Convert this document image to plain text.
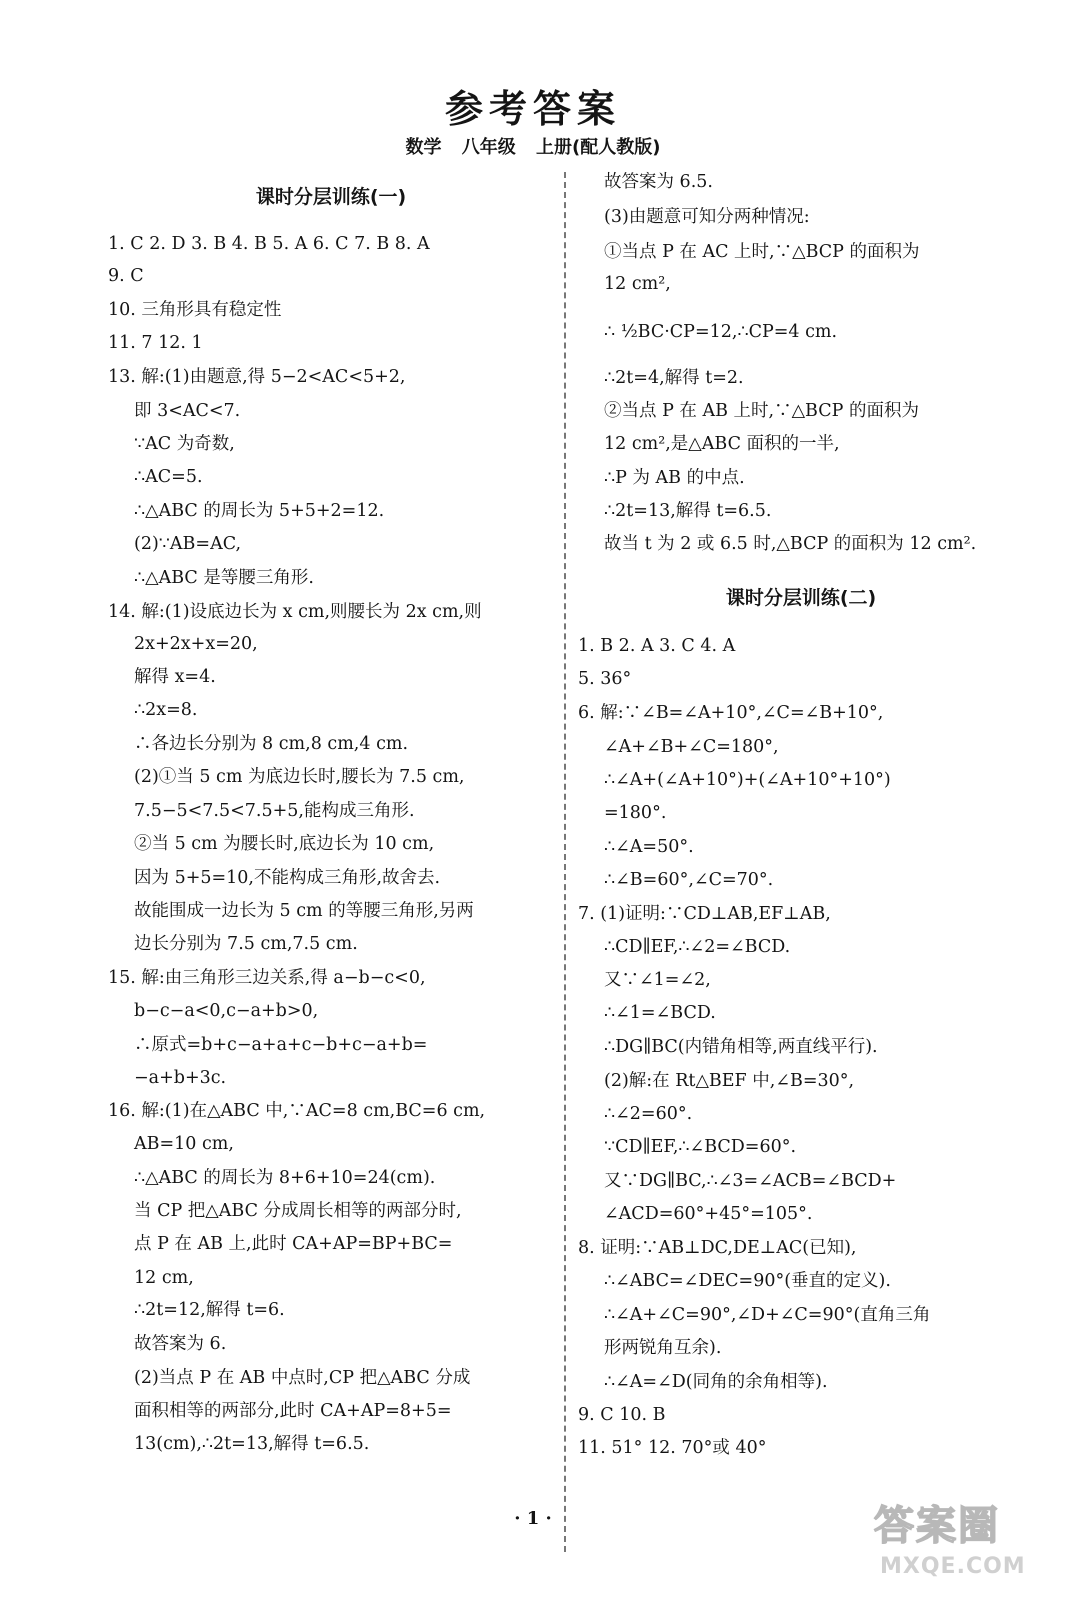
参考答案
数学 八年级 上册(配人教版)
课时分层训练(一)
1. C 2. D 3. B 4. B 5. A 6. C 7. B 8. A
9. C
10. 三角形具有稳定性
11. 7 12. 1
13. 解:(1)由题意,得 5−2<AC<5+2,
即 3<AC<7.
∵AC 为奇数,
∴AC=5.
∴△ABC 的周长为 5+5+2=12.
(2)∵AB=AC,
∴△ABC 是等腰三角形.
14. 解:(1)设底边长为 x cm,则腰长为 2x cm,则
2x+2x+x=20,
解得 x=4.
∴2x=8.
∴各边长分别为 8 cm,8 cm,4 cm.
(2)①当 5 cm 为底边长时,腰长为 7.5 cm,
7.5−5<7.5<7.5+5,能构成三角形.
②当 5 cm 为腰长时,底边长为 10 cm,
因为 5+5=10,不能构成三角形,故舍去.
故能围成一边长为 5 cm 的等腰三角形,另两
边长分别为 7.5 cm,7.5 cm.
15. 解:由三角形三边关系,得 a−b−c<0,
b−c−a<0,c−a+b>0,
∴原式=b+c−a+a+c−b+c−a+b=
−a+b+3c.
16. 解:(1)在△ABC 中,∵AC=8 cm,BC=6 cm,
AB=10 cm,
∴△ABC 的周长为 8+6+10=24(cm).
当 CP 把△ABC 分成周长相等的两部分时,
点 P 在 AB 上,此时 CA+AP=BP+BC=
12 cm,
∴2t=12,解得 t=6.
故答案为 6.
(2)当点 P 在 AB 中点时,CP 把△ABC 分成
面积相等的两部分,此时 CA+AP=8+5=
13(cm),∴2t=13,解得 t=6.5.
故答案为 6.5.
(3)由题意可知分两种情况:
①当点 P 在 AC 上时,∵△BCP 的面积为
12 cm²,
∴ ½BC·CP=12,∴CP=4 cm.
∴2t=4,解得 t=2.
②当点 P 在 AB 上时,∵△BCP 的面积为
12 cm²,是△ABC 面积的一半,
∴P 为 AB 的中点.
∴2t=13,解得 t=6.5.
故当 t 为 2 或 6.5 时,△BCP 的面积为 12 cm².
课时分层训练(二)
1. B 2. A 3. C 4. A
5. 36°
6. 解:∵∠B=∠A+10°,∠C=∠B+10°,
∠A+∠B+∠C=180°,
∴∠A+(∠A+10°)+(∠A+10°+10°)
=180°.
∴∠A=50°.
∴∠B=60°,∠C=70°.
7. (1)证明:∵CD⊥AB,EF⊥AB,
∴CD∥EF,∴∠2=∠BCD.
又∵∠1=∠2,
∴∠1=∠BCD.
∴DG∥BC(内错角相等,两直线平行).
(2)解:在 Rt△BEF 中,∠B=30°,
∴∠2=60°.
∵CD∥EF,∴∠BCD=60°.
又∵DG∥BC,∴∠3=∠ACB=∠BCD+
∠ACD=60°+45°=105°.
8. 证明:∵AB⊥DC,DE⊥AC(已知),
∴∠ABC=∠DEC=90°(垂直的定义).
∴∠A+∠C=90°,∠D+∠C=90°(直角三角
形两锐角互余).
∴∠A=∠D(同角的余角相等).
9. C 10. B
11. 51° 12. 70°或 40°
· 1 ·	答案圈
MXQE.COM
